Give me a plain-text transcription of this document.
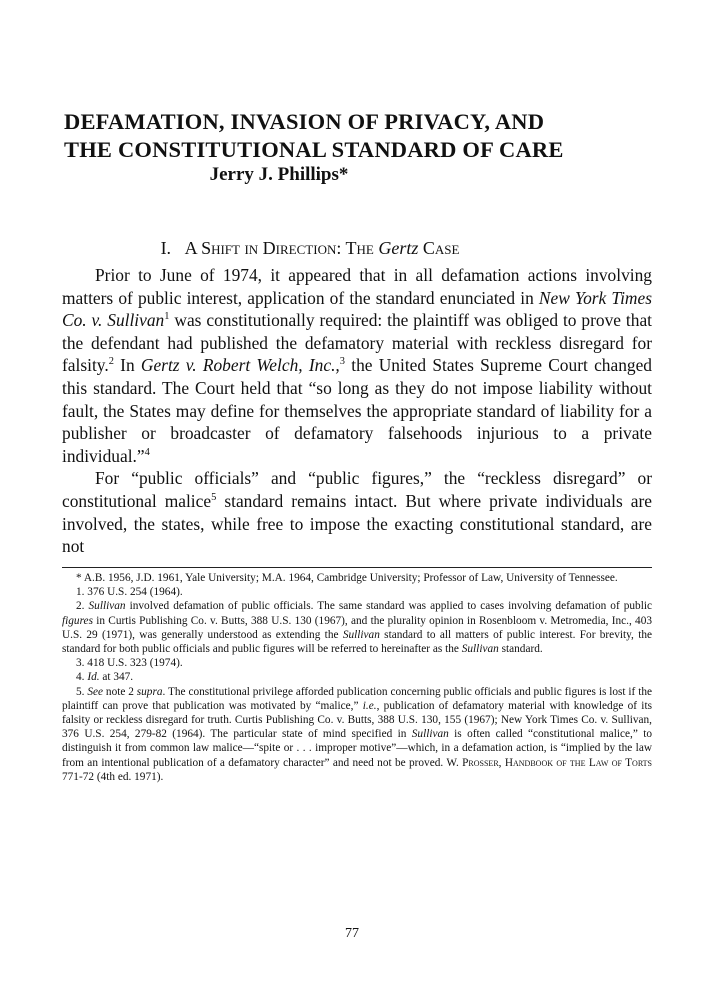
DEFAMATION, INVASION OF PRIVACY, AND
THE CONSTITUTIONAL STANDARD OF CARE

Jerry J. Phillips*

I. A Shift in Direction: The Gertz Case

Prior to June of 1974, it appeared that in all defamation actions involving matters of public interest, application of the standard enunciated in New York Times Co. v. Sullivan$^1$ was constitutionally required: the plaintiff was obliged to prove that the defendant had published the defamatory material with reckless disregard for falsity.$^2$ In Gertz v. Robert Welch, Inc.,$^3$ the United States Supreme Court changed this standard. The Court held that “so long as they do not impose liability without fault, the States may define for themselves the appropriate standard of liability for a publisher or broadcaster of defamatory falsehoods injurious to a private individual.”$^4$

For “public officials” and “public figures,” the “reckless disregard” or constitutional malice$^5$ standard remains intact. But where private individuals are involved, the states, while free to impose the exacting constitutional standard, are not

* A.B. 1956, J.D. 1961, Yale University; M.A. 1964, Cambridge University; Professor of Law, University of Tennessee.

1. 376 U.S. 254 (1964).

2. Sullivan involved defamation of public officials. The same standard was applied to cases involving defamation of public figures in Curtis Publishing Co. v. Butts, 388 U.S. 130 (1967), and the plurality opinion in Rosenbloom v. Metromedia, Inc., 403 U.S. 29 (1971), was generally understood as extending the Sullivan standard to all matters of public interest. For brevity, the standard for both public officials and public figures will be referred to hereinafter as the Sullivan standard.

3. 418 U.S. 323 (1974).

4. Id. at 347.

5. See note 2 supra. The constitutional privilege afforded publication concerning public officials and public figures is lost if the plaintiff can prove that publication was motivated by “malice,” i.e., publication of defamatory material with knowledge of its falsity or reckless disregard for truth. Curtis Publishing Co. v. Butts, 388 U.S. 130, 155 (1967); New York Times Co. v. Sullivan, 376 U.S. 254, 279-82 (1964). The particular state of mind specified in Sullivan is often called “constitutional malice,” to distinguish it from common law malice—“spite or . . . improper motive”—which, in a defamation action, is “implied by the law from an intentional publication of a defamatory character” and need not be proved. W. Prosser, Handbook of the Law of Torts 771-72 (4th ed. 1971).

77
